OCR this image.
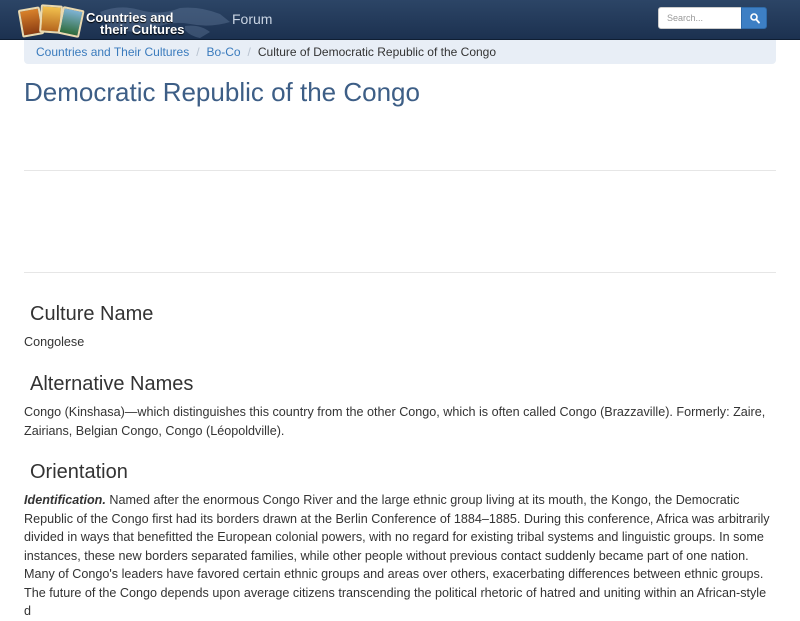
Countries and
their Cultures
Forum
Search...
Countries and Their Cultures / Bo-Co / Culture of Democratic Republic of the Congo
Democratic Republic of the Congo
Culture Name

Congolese

Alternative Names

Congo (Kinshasa)—which distinguishes this country from the other Congo, which is often called Congo (Brazzaville). Formerly: Zaire, Zairians, Belgian Congo, Congo (Léopoldville).

Orientation

Identification. Named after the enormous Congo River and the large ethnic group living at its mouth, the Kongo, the Democratic Republic of the Congo first had its borders drawn at the Berlin Conference of 1884–1885. During this conference, Africa was arbitrarily divided in ways that benefitted the European colonial powers, with no regard for existing tribal systems and linguistic groups. In some instances, these new borders separated families, while other people without previous contact suddenly became part of one nation. Many of Congo's leaders have favored certain ethnic groups and areas over others, exacerbating differences between ethnic groups. The future of the Congo depends upon average citizens transcending the political rhetoric of hatred and uniting within an African-style d
